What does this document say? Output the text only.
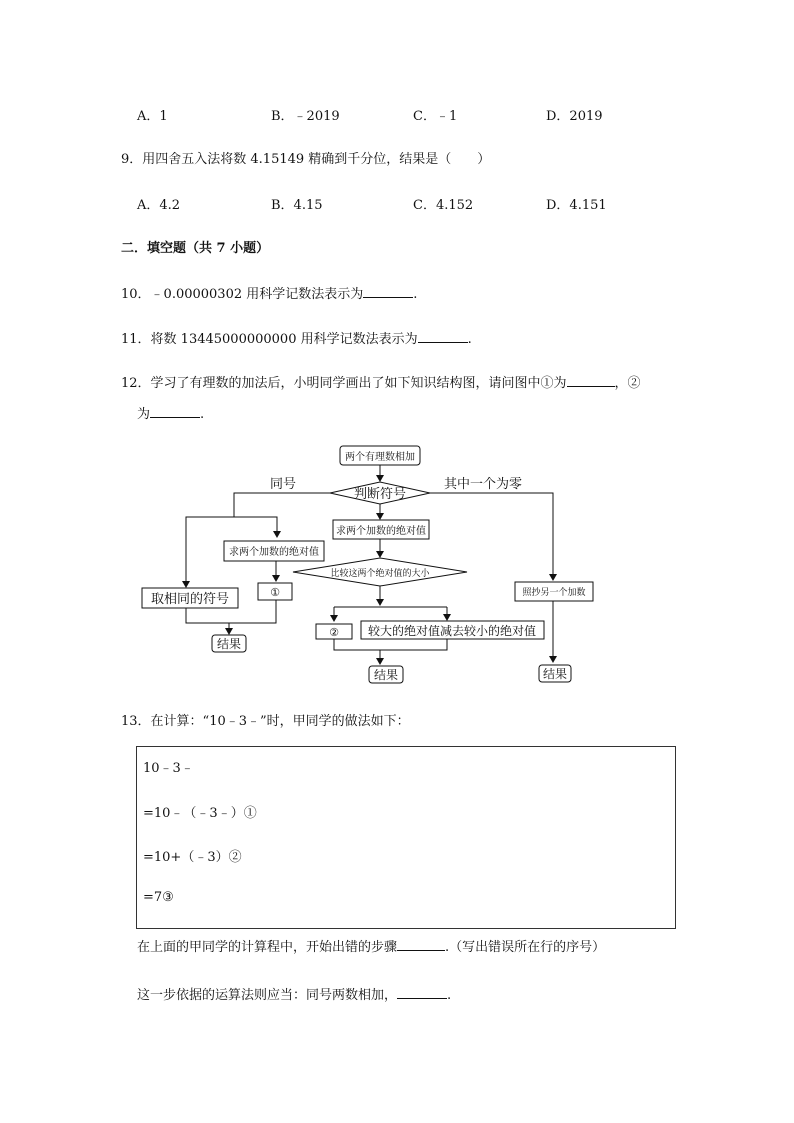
A．1	B．﹣2019	C．﹣1	D．2019
9．用四舍五入法将数 4.15149 精确到千分位，结果是（　　）
A．4.2	B．4.15	C．4.152	D．4.151
二．填空题（共 7 小题）
10．﹣0.00000302 用科学记数法表示为	.
11．将数 13445000000000 用科学记数法表示为	.
12．学习了有理数的加法后，小明同学画出了如下知识结构图，请问图中①为	，②
为	.
两个有理数相加
判断符号
同号	其中一个为零
求两个加数的绝对值
比较这两个绝对值的大小
② 较大的绝对值减去较小的绝对值
结果
求两个加数的绝对值
①
取相同的符号
结果
照抄另一个加数
结果
13．在计算：“10﹣3﹣”时，甲同学的做法如下：
10﹣3﹣
=10﹣（﹣3﹣）①
=10+（﹣3）②
=7③
在上面的甲同学的计算程中，开始出错的步骤	.（写出错误所在行的序号）
这一步依据的运算法则应当：同号两数相加，	.
